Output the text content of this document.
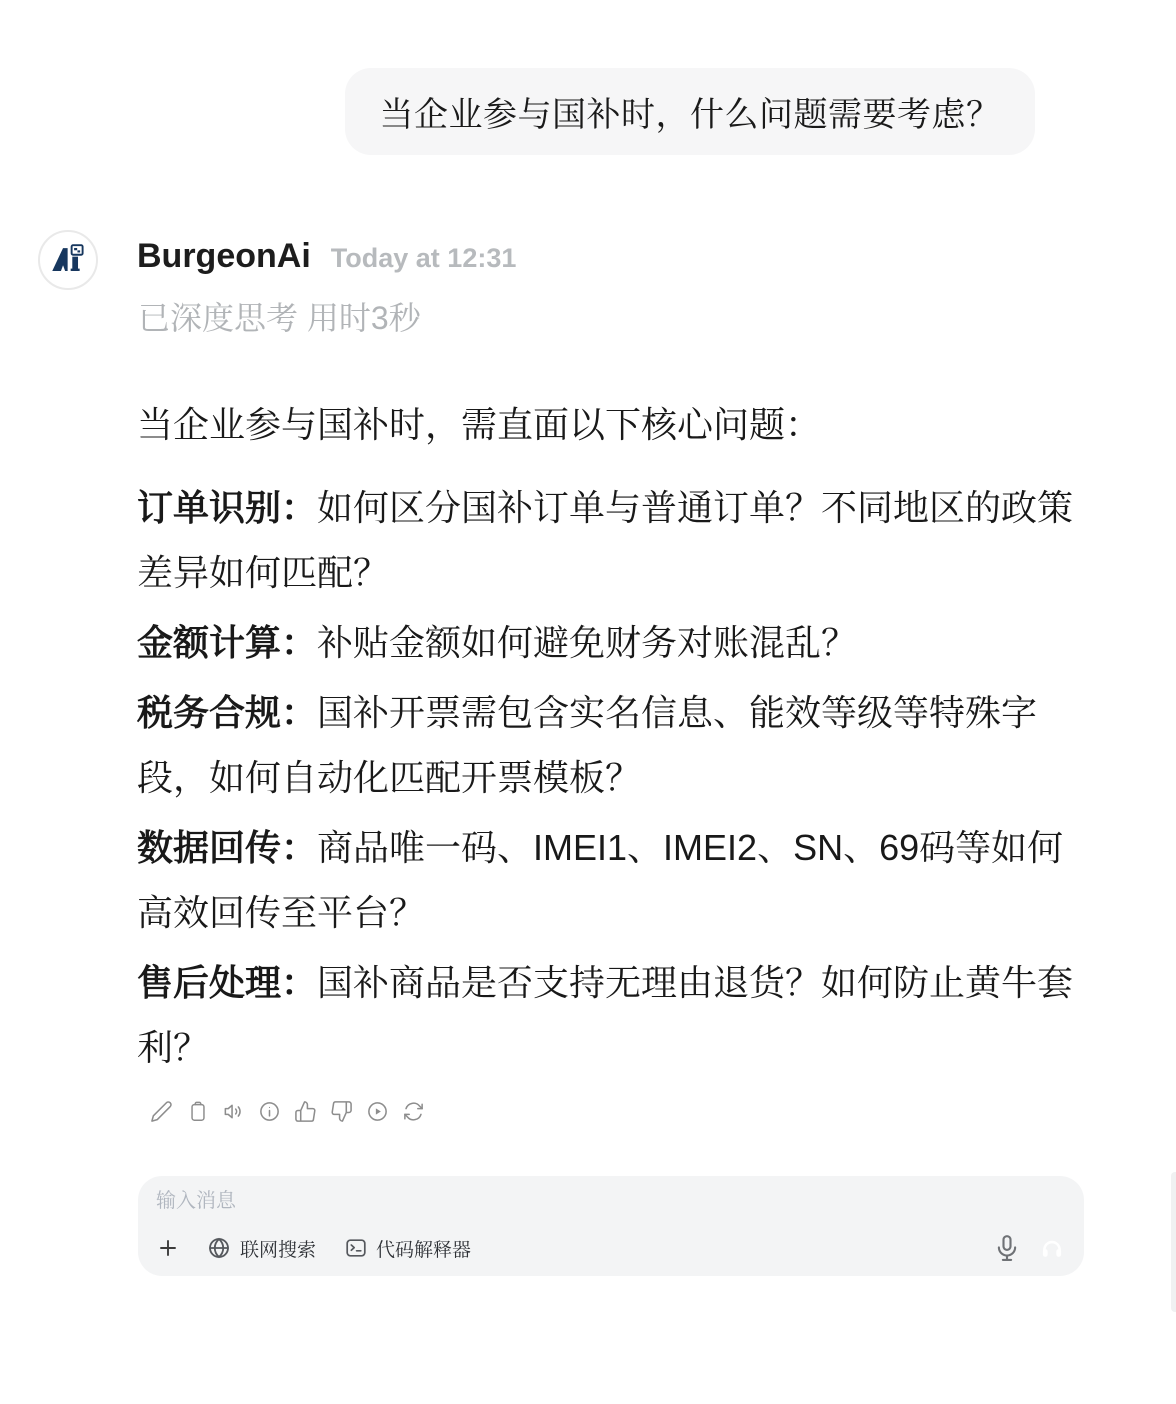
当企业参与国补时，什么问题需要考虑？
BurgeonAi Today at 12:31
已深度思考 用时3秒

当企业参与国补时，需直面以下核心问题：

订单识别：如何区分国补订单与普通订单？不同地区的政策差异如何匹配？

金额计算：补贴金额如何避免财务对账混乱？

税务合规：国补开票需包含实名信息、能效等级等特殊字段，如何自动化匹配开票模板？

数据回传：商品唯一码、IMEI1、IMEI2、SN、69码等如何高效回传至平台？

售后处理：国补商品是否支持无理由退货？如何防止黄牛套利？

输入消息
联网搜索	代码解释器
